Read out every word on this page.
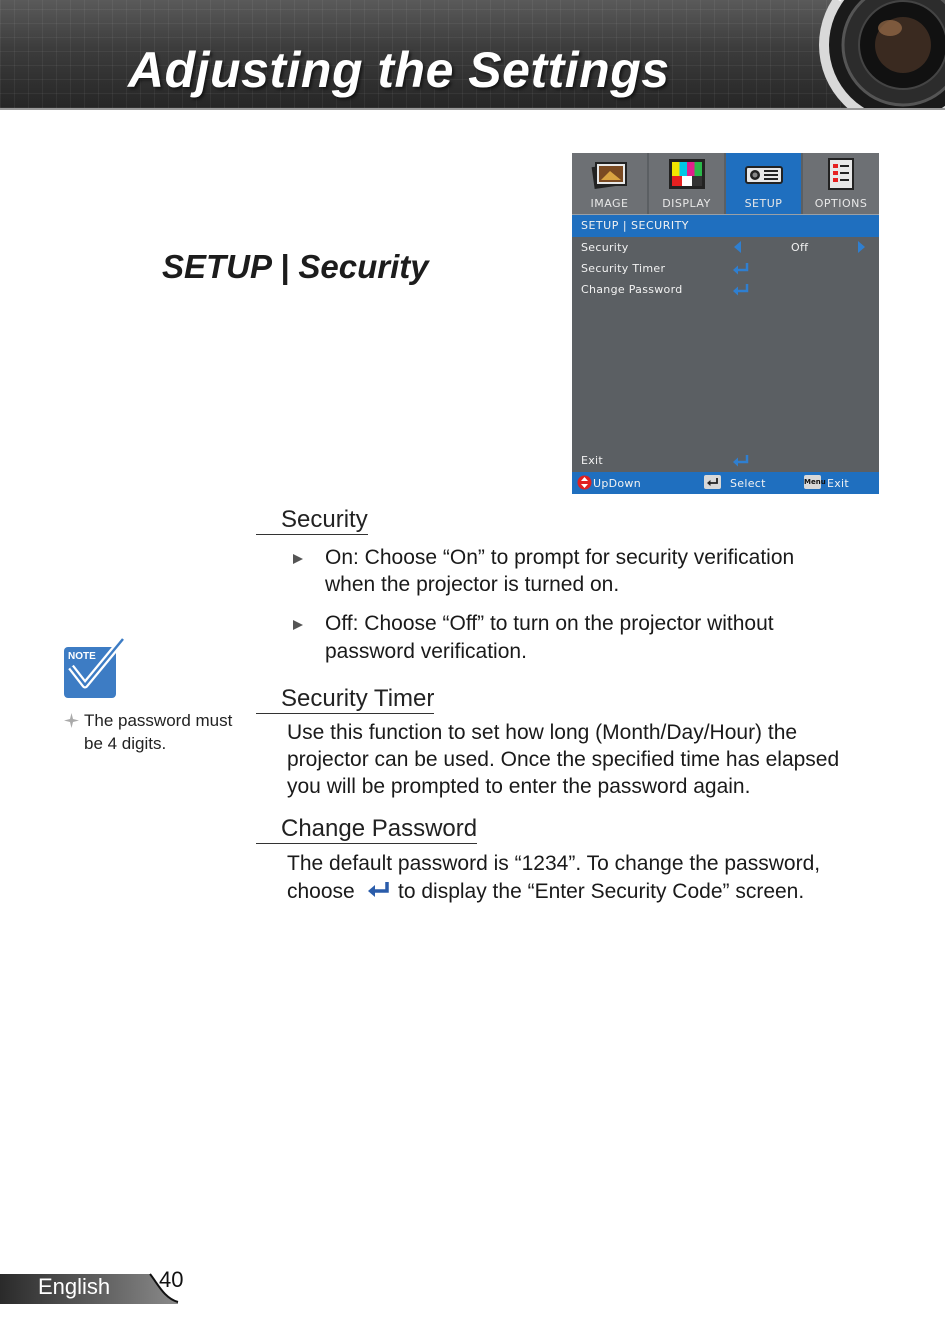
Adjusting the Settings
SETUP | Security
IMAGE	DISPLAY	SETUP	OPTIONS
SETUP | SECURITY
Security	Off
Security Timer
Change Password
Exit
UpDown	Select	Menu Exit
Security

On: Choose “On” to prompt for security verification

when the projector is turned on.

Off: Choose “Off” to turn on the projector without

password verification.

Security Timer

Use this function to set how long (Month/Day/Hour) the

projector can be used. Once the specified time has elapsed

you will be prompted to enter the password again.

Change Password

The default password is “1234”. To change the password,

choose to display the “Enter Security Code” screen.

NOTE
The password must
be 4 digits.

English 40
